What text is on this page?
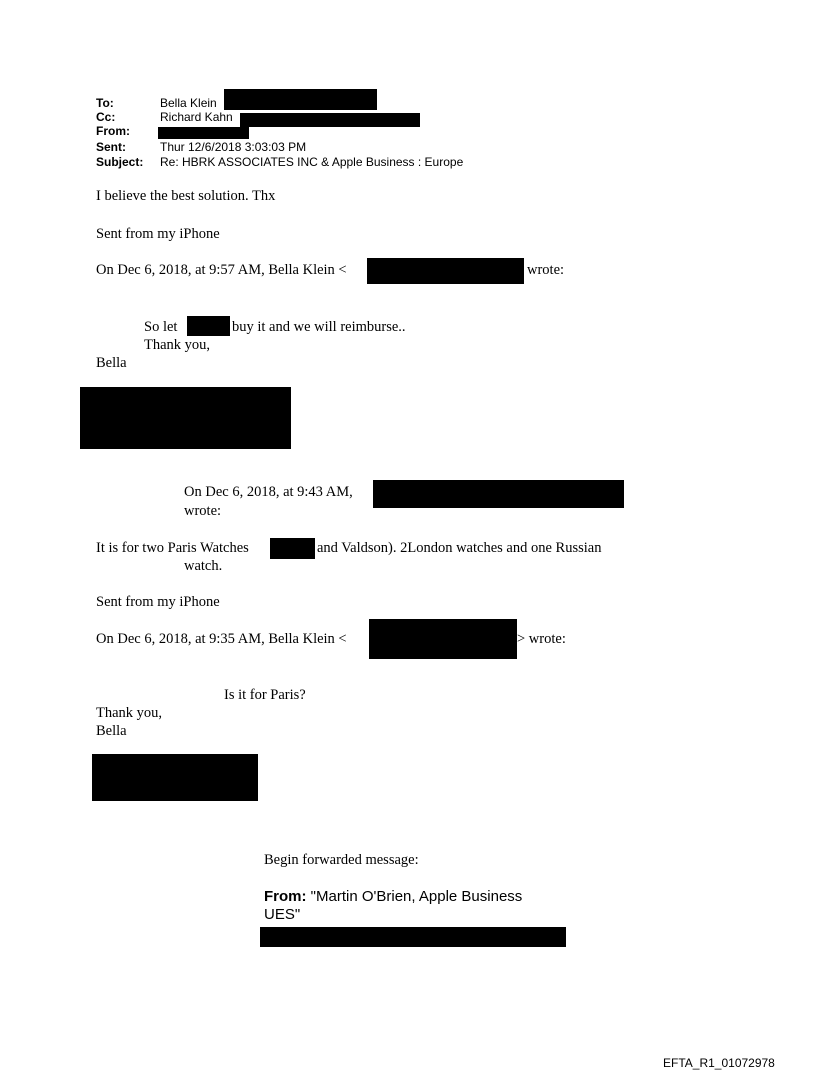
To:	Bella Klein
Cc:	Richard Kahn
From:
Sent:	Thur 12/6/2018 3:03:03 PM
Subject: Re: HBRK ASSOCIATES INC & Apple Business : Europe
I believe the best solution. Thx
Sent from my iPhone
On Dec 6, 2018, at 9:57 AM, Bella Klein <	wrote:
So let	buy it and we will reimburse..
Thank you,
Bella
On Dec 6, 2018, at 9:43 AM,
wrote:
It is for two Paris Watches	and Valdson). 2London watches and one Russian
watch.
Sent from my iPhone
On Dec 6, 2018, at 9:35 AM, Bella Klein <	> wrote:
Is it for Paris?
Thank you,
Bella
Begin forwarded message:
From: "Martin O'Brien, Apple Business
UES"
EFTA_R1_01072978
